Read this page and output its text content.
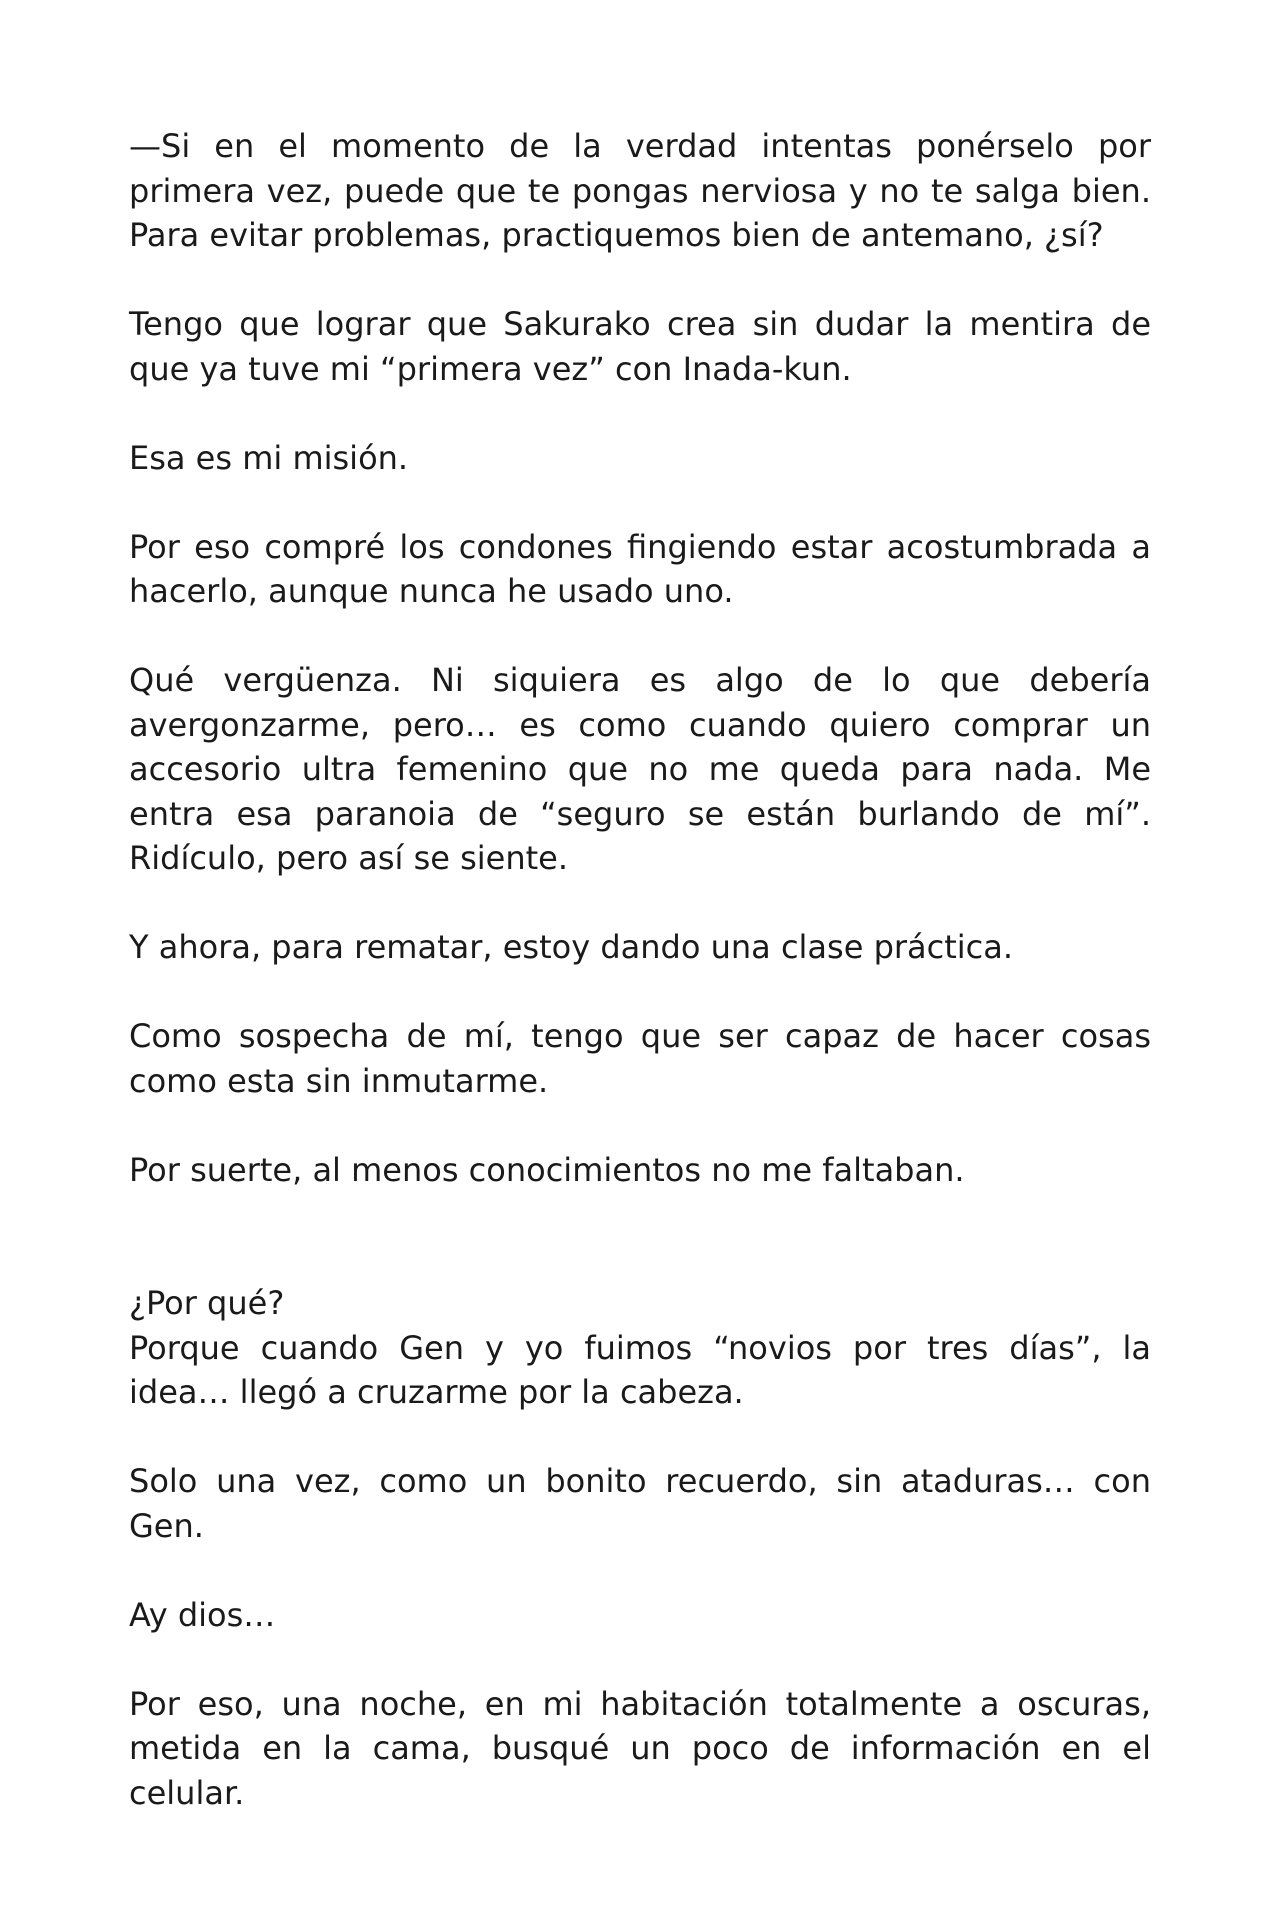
—Si en el momento de la verdad intentas ponérselo por primera vez, puede que te pongas nerviosa y no te salga bien. Para evitar problemas, practiquemos bien de antemano, ¿sí?

Tengo que lograr que Sakurako crea sin dudar la mentira de que ya tuve mi “primera vez” con Inada-kun.

Esa es mi misión.

Por eso compré los condones fingiendo estar acostumbrada a hacerlo, aunque nunca he usado uno.

Qué vergüenza. Ni siquiera es algo de lo que debería avergonzarme, pero… es como cuando quiero comprar un accesorio ultra femenino que no me queda para nada. Me entra esa paranoia de “seguro se están burlando de mí”. Ridículo, pero así se siente.

Y ahora, para rematar, estoy dando una clase práctica.

Como sospecha de mí, tengo que ser capaz de hacer cosas como esta sin inmutarme.

Por suerte, al menos conocimientos no me faltaban.

¿Por qué?

Porque cuando Gen y yo fuimos “novios por tres días”, la idea… llegó a cruzarme por la cabeza.

Solo una vez, como un bonito recuerdo, sin ataduras… con Gen.

Ay dios…

Por eso, una noche, en mi habitación totalmente a oscuras, metida en la cama, busqué un poco de información en el celular.
